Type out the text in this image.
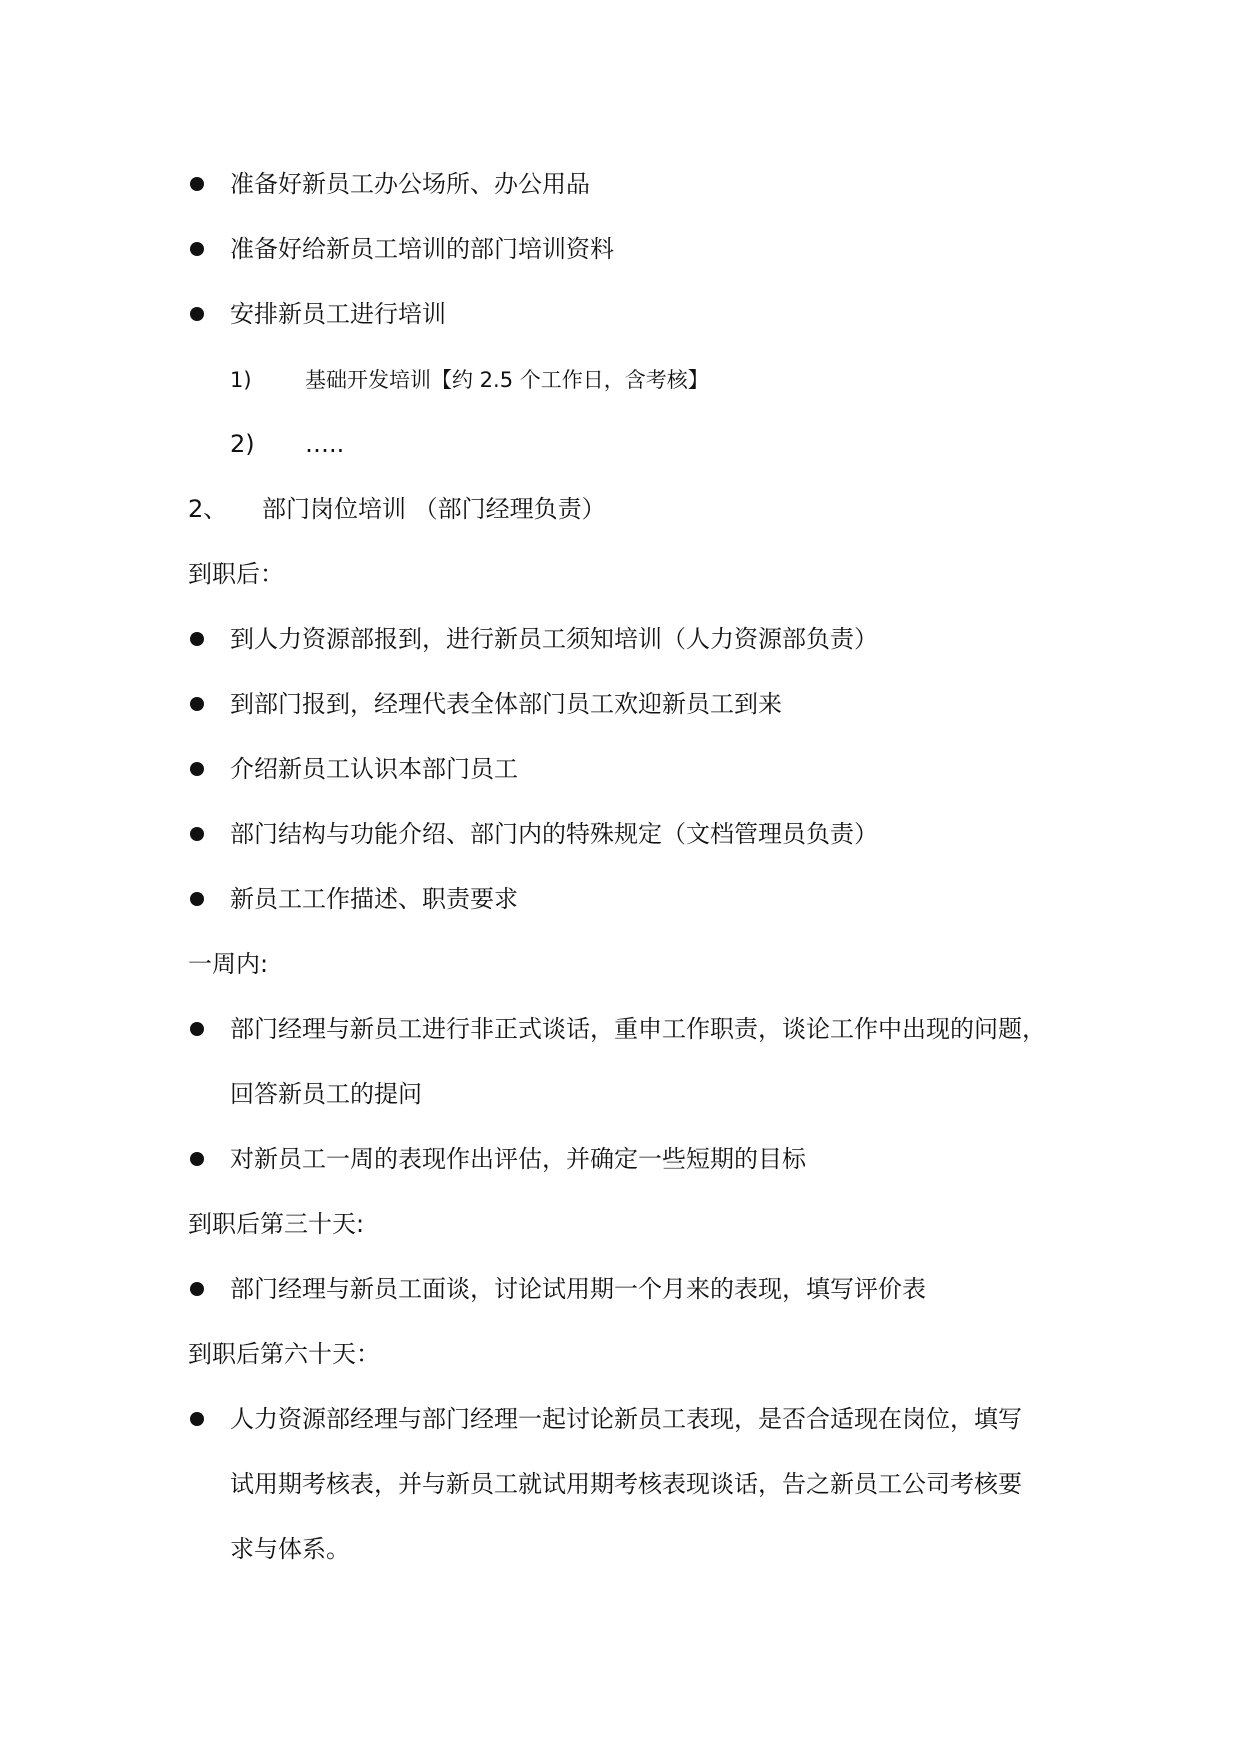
准备好新员工办公场所、办公用品
准备好给新员工培训的部门培训资料
安排新员工进行培训
1)	基础开发培训【约 2.5 个工作日，含考核】
2) …..
2、 部门岗位培训 （部门经理负责）
到职后：
到人力资源部报到，进行新员工须知培训（人力资源部负责）
到部门报到，经理代表全体部门员工欢迎新员工到来
介绍新员工认识本部门员工
部门结构与功能介绍、部门内的特殊规定（文档管理员负责）
新员工工作描述、职责要求
一周内:
部门经理与新员工进行非正式谈话，重申工作职责，谈论工作中出现的问题，
回答新员工的提问
对新员工一周的表现作出评估，并确定一些短期的目标
到职后第三十天:
部门经理与新员工面谈，讨论试用期一个月来的表现，填写评价表
到职后第六十天：
人力资源部经理与部门经理一起讨论新员工表现，是否合适现在岗位，填写
试用期考核表，并与新员工就试用期考核表现谈话，告之新员工公司考核要
求与体系。
